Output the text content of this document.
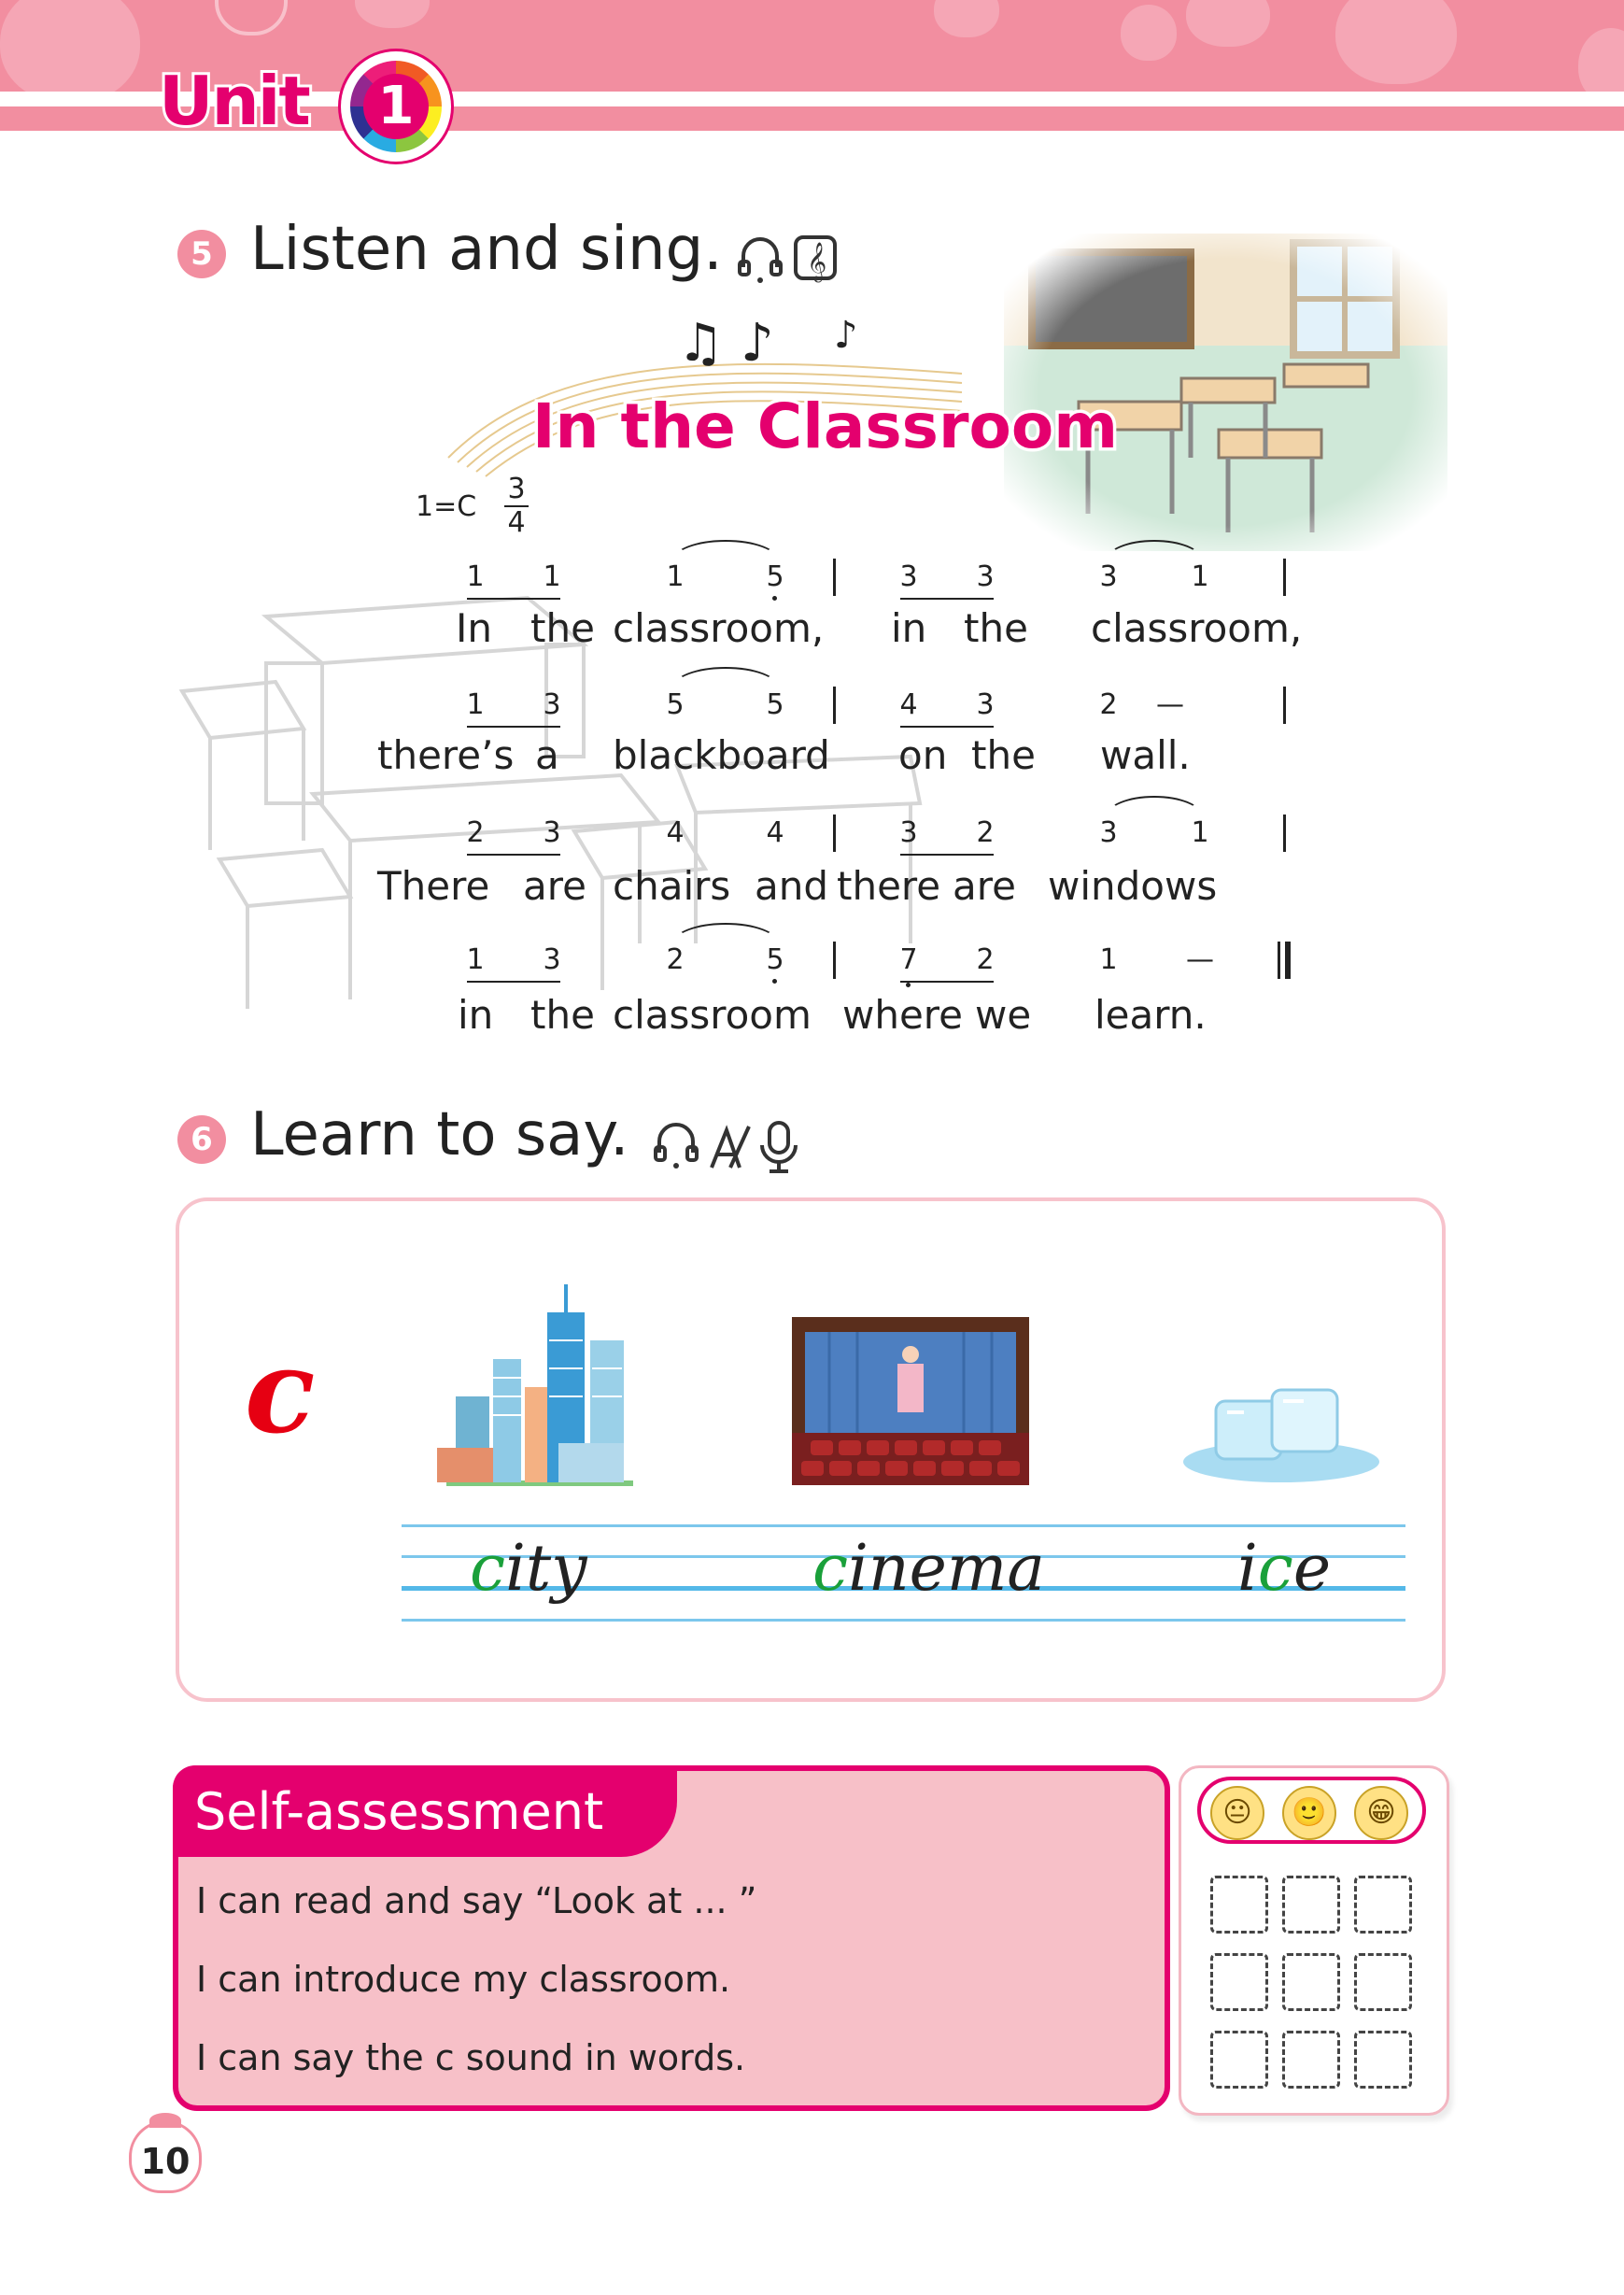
Unit 1
5 Listen and sing.	𝄞
♫ ♪ ♪
In the Classroom
1=C
3
4
1 1	1	5	3 3	3	1
In the classroom, in the classroom,
1 3	5	5	4 3	2 —
there’s a blackboard on the wall.
2 3	4	4	3 2	3	1
There are chairs and there are windows
1 3	2	5	7 2	1 —
in the classroom where we learn.
6 Learn to say.
c
city	cinema	ice
Self-assessment
I can read and say “Look at ... ”
I can introduce my classroom.
I can say the c sound in words.
😐	🙂	😁
10
